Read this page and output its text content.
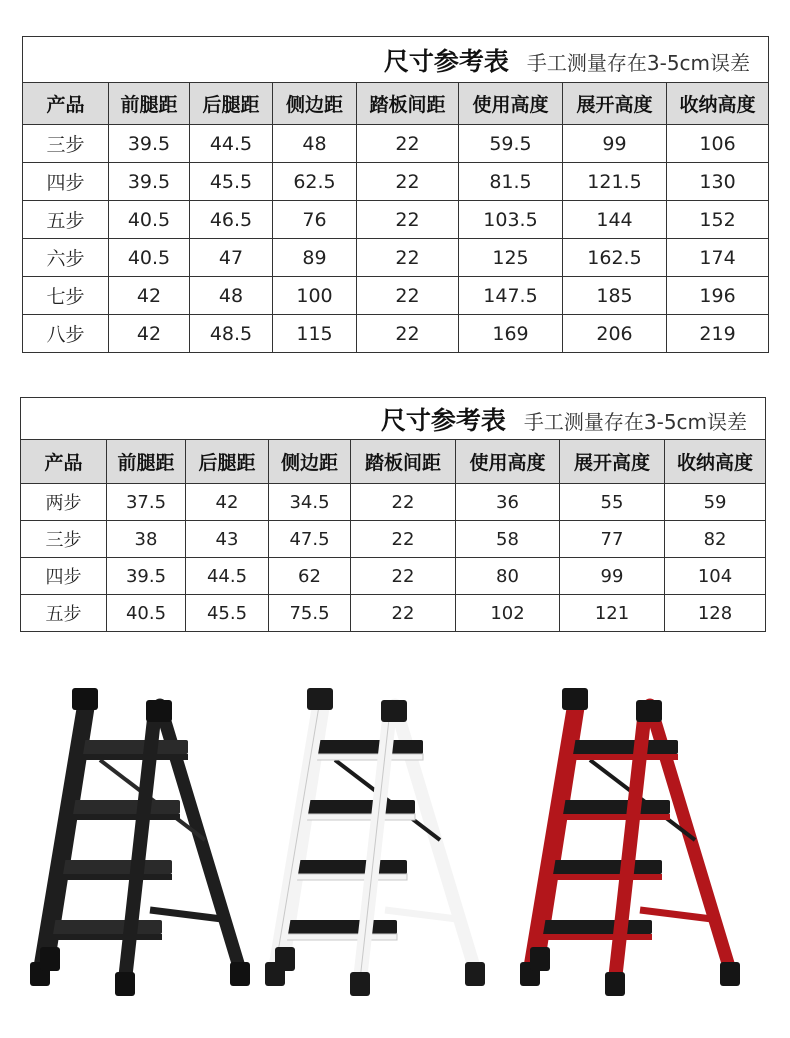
尺寸参考表 手工测量存在3-5cm误差							
产品	前腿距	后腿距	侧边距	踏板间距	使用高度	展开高度	收纳高度
三步	39.5	44.5	48	22	59.5	99	106
四步	39.5	45.5	62.5	22	81.5	121.5	130
五步	40.5	46.5	76	22	103.5	144	152
六步	40.5	47	89	22	125	162.5	174
七步	42	48	100	22	147.5	185	196
八步	42	48.5	115	22	169	206	219
尺寸参考表 手工测量存在3-5cm误差							
产品	前腿距	后腿距	侧边距	踏板间距	使用高度	展开高度	收纳高度
两步	37.5	42	34.5	22	36	55	59
三步	38	43	47.5	22	58	77	82
四步	39.5	44.5	62	22	80	99	104
五步	40.5	45.5	75.5	22	102	121	128
